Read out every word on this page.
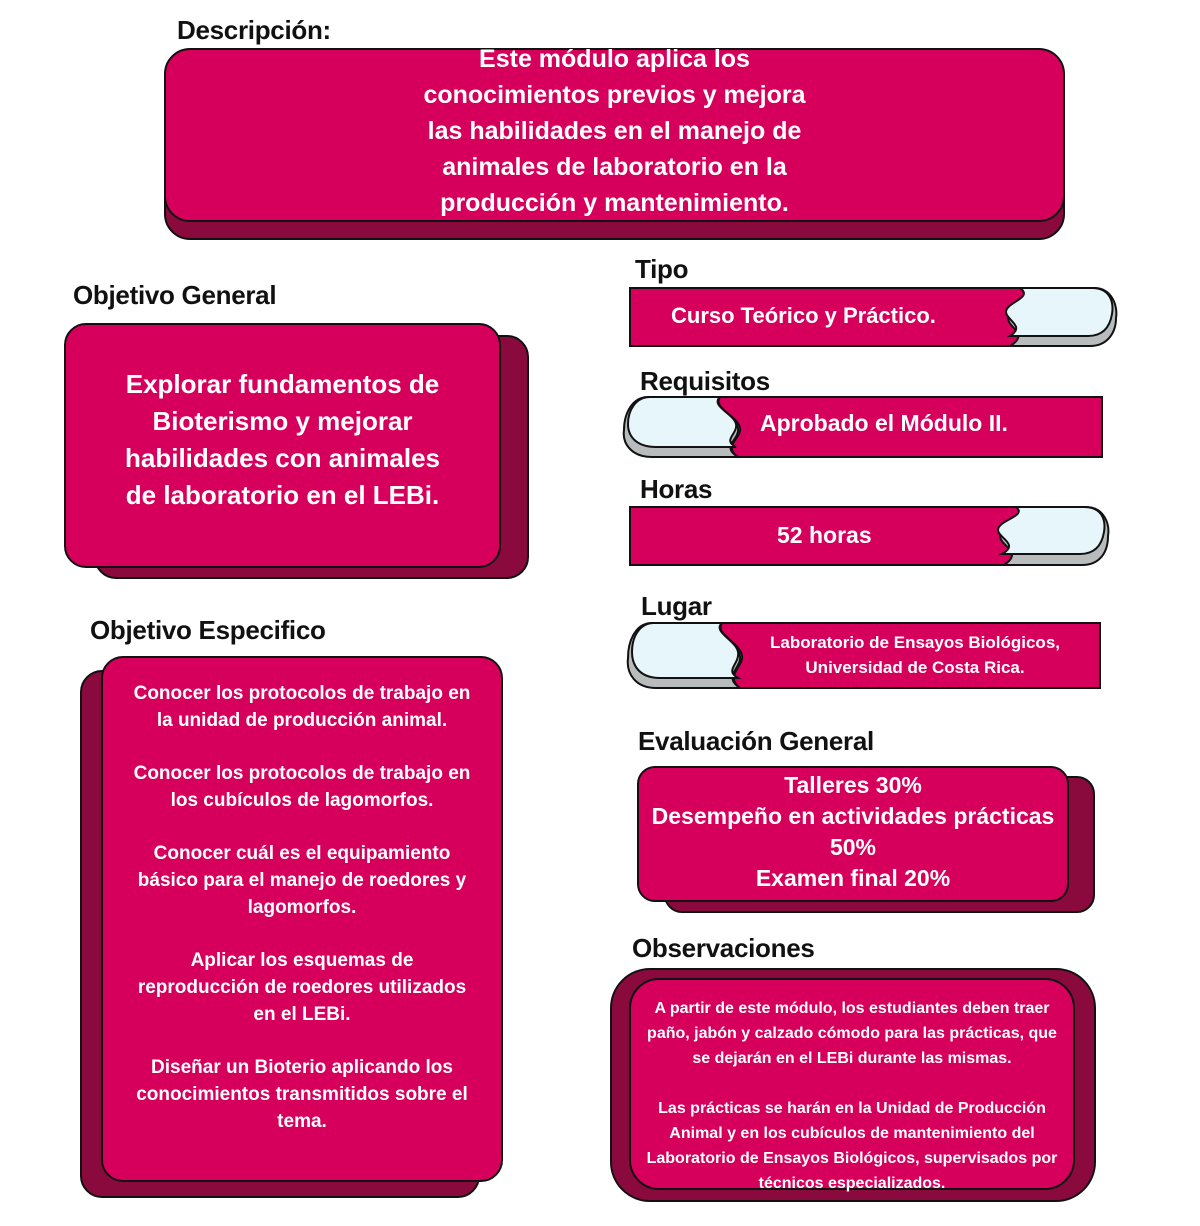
Descripción:
Este módulo aplica los conocimientos previos y mejora las habilidades en el manejo de animales de laboratorio en la producción y mantenimiento.
Objetivo General
Explorar fundamentos de Bioterismo y mejorar habilidades con animales de laboratorio en el LEBi.
Objetivo Especifico

Conocer los protocolos de trabajo en la unidad de producción animal.

Conocer los protocolos de trabajo en los cubículos de lagomorfos.

Conocer cuál es el equipamiento básico para el manejo de roedores y lagomorfos.

Aplicar los esquemas de reproducción de roedores utilizados en el LEBi.

Diseñar un Bioterio aplicando los conocimientos transmitidos sobre el tema.

Tipo
Curso Teórico y Práctico.
Requisitos
Aprobado el Módulo II.
Horas
52 horas
Lugar
Laboratorio de Ensayos Biológicos,
Universidad de Costa Rica.
Evaluación General

Talleres 30%

Desempeño en actividades prácticas

50%

Examen final 20%

Observaciones

A partir de este módulo, los estudiantes deben traer paño, jabón y calzado cómodo para las prácticas, que se dejarán en el LEBi durante las mismas.

Las prácticas se harán en la Unidad de Producción Animal y en los cubículos de mantenimiento del Laboratorio de Ensayos Biológicos, supervisados por técnicos especializados.
